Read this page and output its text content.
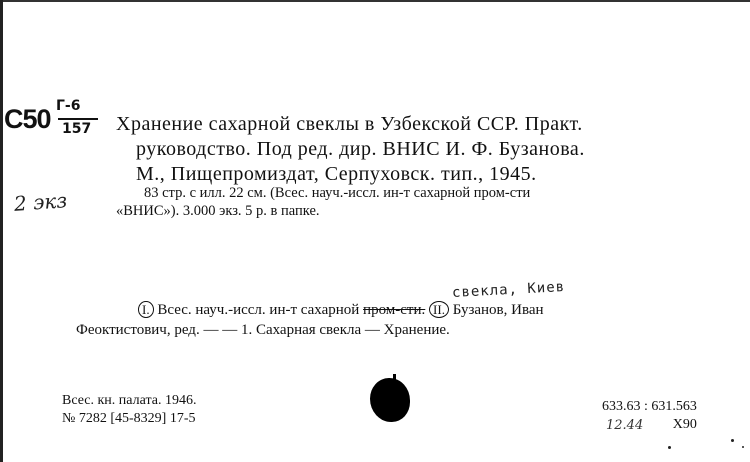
С50 Г-6
157
2 экз
Хранение сахарной свеклы в Узбекской ССР. Практ.
руководство. Под ред. дир. ВНИС И. Ф. Бузанова.
М., Пищепромиздат, Серпуховск. тип., 1945.
83 стр. с илл. 22 см. (Всес. науч.-иссл. ин-т сахарной пром-сти
«ВНИС»). 3.000 экз. 5 р. в папке.
свекла, Киев
I. Всес. науч.-иссл. ин-т сахарной пром-сти. II. Бузанов, Иван
Феоктистович, ред. — — 1. Сахарная свекла — Хранение.
Всес. кн. палата. 1946.
№ 7282 [45-8329] 17-5
633.63 : 631.563
X90
12.44
